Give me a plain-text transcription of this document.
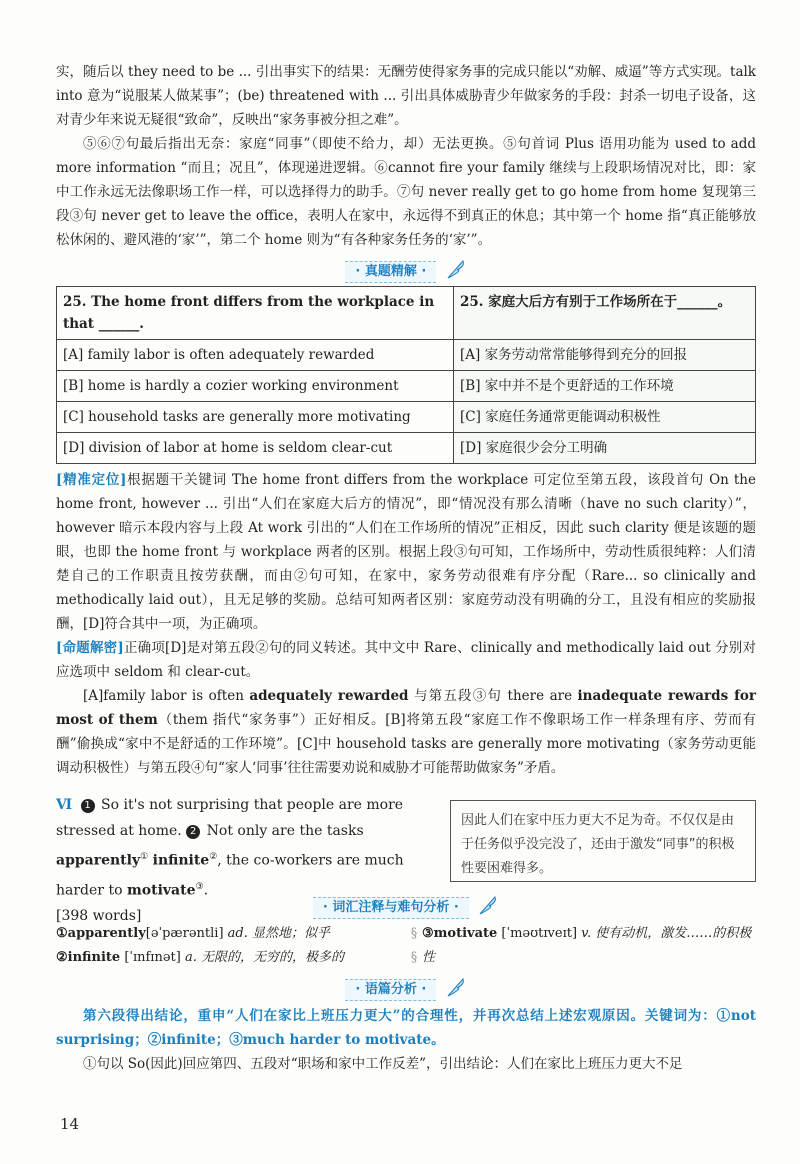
实，随后以 they need to be ... 引出事实下的结果：无酬劳使得家务事的完成只能以“劝解、威逼”等方式实现。talk into 意为“说服某人做某事”；(be) threatened with ... 引出具体威胁青少年做家务的手段：封杀一切电子设备，这对青少年来说无疑很“致命”，反映出“家务事被分担之难”。

⑤⑥⑦句最后指出无奈：家庭“同事”（即使不给力，却）无法更换。⑤句首词 Plus 语用功能为 used to add more information “而且；况且”，体现递进逻辑。⑥cannot fire your family 继续与上段职场情况对比，即：家中工作永远无法像职场工作一样，可以选择得力的助手。⑦句 never really get to go home from home 复现第三段③句 never get to leave the office，表明人在家中，永远得不到真正的休息；其中第一个 home 指“真正能够放松休闲的、避风港的‘家’”，第二个 home 则为“有各种家务任务的‘家’”。

· 真题精解 ·
25. The home front differs from the workplace in that ______.	25. 家庭大后方有别于工作场所在于______。
[A] family labor is often adequately rewarded	[A] 家务劳动常常能够得到充分的回报
[B] home is hardly a cozier working environment	[B] 家中并不是个更舒适的工作环境
[C] household tasks are generally more motivating	[C] 家庭任务通常更能调动积极性
[D] division of labor at home is seldom clear-cut	[D] 家庭很少会分工明确

[精准定位]根据题干关键词 The home front differs from the workplace 可定位至第五段，该段首句 On the home front, however ... 引出“人们在家庭大后方的情况”，即“情况没有那么清晰（have no such clarity）”，however 暗示本段内容与上段 At work 引出的“人们在工作场所的情况”正相反，因此 such clarity 便是该题的题眼，也即 the home front 与 workplace 两者的区别。根据上段③句可知，工作场所中，劳动性质很纯粹：人们清楚自己的工作职责且按劳获酬，而由②句可知，在家中，家务劳动很难有序分配（Rare... so clinically and methodically laid out），且无足够的奖励。总结可知两者区别：家庭劳动没有明确的分工，且没有相应的奖励报酬，[D]符合其中一项，为正确项。

[命题解密]正确项[D]是对第五段②句的同义转述。其中文中 Rare、clinically and methodically laid out 分别对应选项中 seldom 和 clear-cut。

[A]family labor is often adequately rewarded 与第五段③句 there are inadequate rewards for most of them（them 指代“家务事”）正好相反。[B]将第五段“家庭工作不像职场工作一样条理有序、劳而有酬”偷换成“家中不是舒适的工作环境”。[C]中 household tasks are generally more motivating（家务劳动更能调动积极性）与第五段④句“家人‘同事’往往需要劝说和威胁才可能帮助做家务”矛盾。

Ⅵ 1 So it's not surprising that people are more stressed at home. 2 Not only are the tasks apparently① infinite②, the co-workers are much harder to motivate③.
[398 words]
因此人们在家中压力更大不足为奇。不仅仅是由于任务似乎没完没了，还由于激发“同事”的积极性要困难得多。
· 词汇注释与难句分析 ·
①apparently[əˈpærəntli] ad. 显然地；似乎
②infinite [ˈɪnfɪnət] a. 无限的，无穷的，极多的
§
§
③motivate [ˈməʊtɪveɪt] v. 使有动机，激发……的积极性
· 语篇分析 ·

第六段得出结论，重申“人们在家比上班压力更大”的合理性，并再次总结上述宏观原因。关键词为：①not surprising；②infinite；③much harder to motivate。

①句以 So(因此)回应第四、五段对“职场和家中工作反差”，引出结论：人们在家比上班压力更大不足

14
